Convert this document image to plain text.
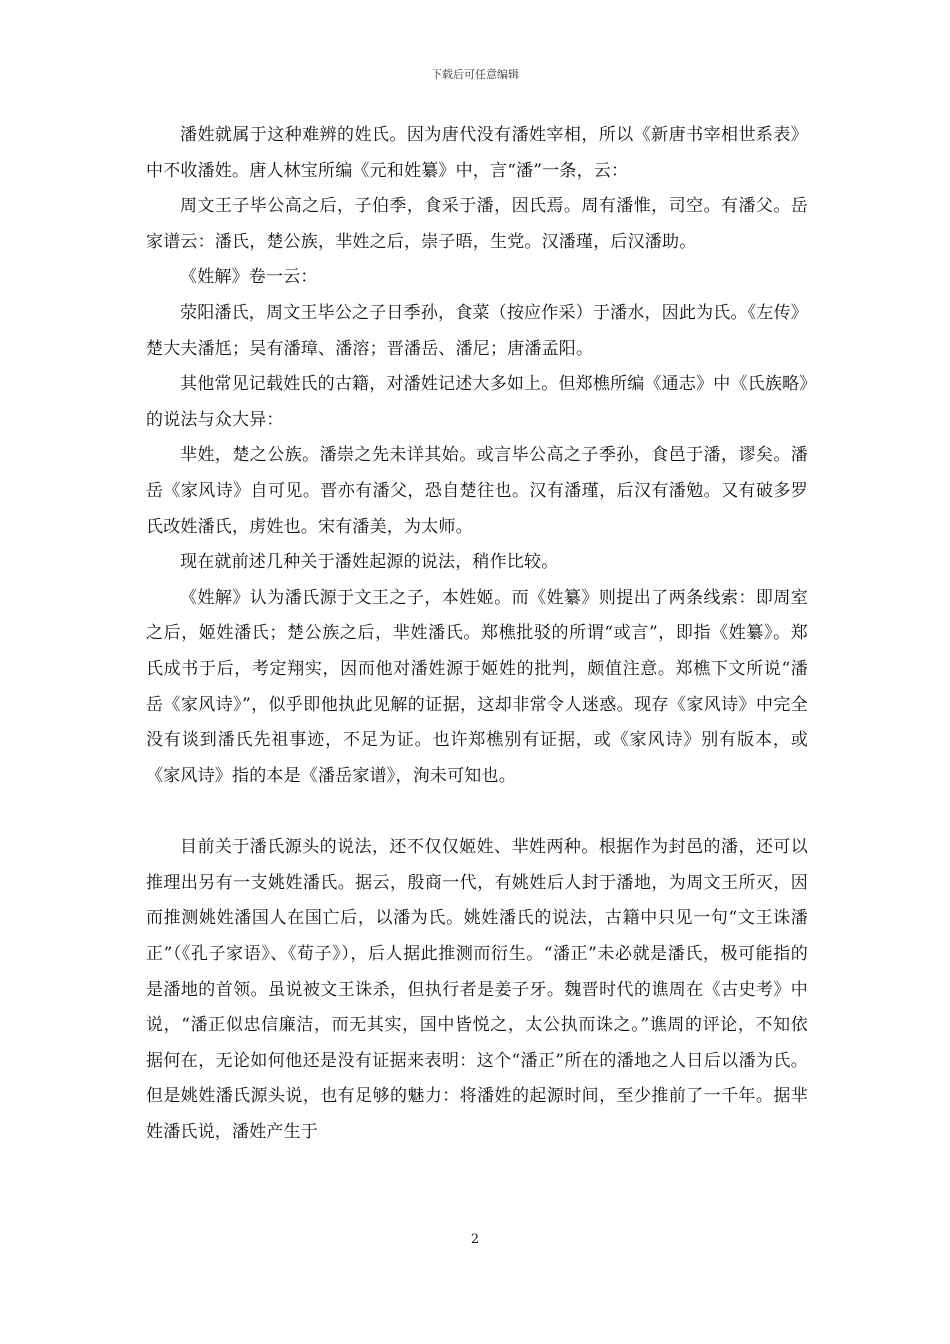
下载后可任意编辑

潘姓就属于这种难辨的姓氏。因为唐代没有潘姓宰相，所以《新唐书宰相世系表》中不收潘姓。唐人林宝所编《元和姓纂》中，言“潘”一条，云：

周文王子毕公高之后，子伯季，食采于潘，因氏焉。周有潘惟，司空。有潘父。岳家谱云：潘氏，楚公族，芈姓之后，崇子晤，生党。汉潘瑾，后汉潘助。

《姓解》卷一云：

荥阳潘氏，周文王毕公之子日季孙，食菜（按应作采）于潘水，因此为氏。《左传》楚大夫潘尪；吴有潘璋、潘溶；晋潘岳、潘尼；唐潘孟阳。

其他常见记载姓氏的古籍，对潘姓记述大多如上。但郑樵所编《通志》中《氏族略》的说法与众大异：

芈姓，楚之公族。潘崇之先未详其始。或言毕公高之子季孙，食邑于潘，谬矣。潘岳《家风诗》自可见。晋亦有潘父，恐自楚往也。汉有潘瑾，后汉有潘勉。又有破多罗氏改姓潘氏，虏姓也。宋有潘美，为太师。

现在就前述几种关于潘姓起源的说法，稍作比较。

《姓解》认为潘氏源于文王之子，本姓姬。而《姓纂》则提出了两条线索：即周室之后，姬姓潘氏；楚公族之后，芈姓潘氏。郑樵批驳的所谓“或言”，即指《姓纂》。郑氏成书于后，考定翔实，因而他对潘姓源于姬姓的批判，颇值注意。郑樵下文所说“潘岳《家风诗》”，似乎即他执此见解的证据，这却非常令人迷惑。现存《家风诗》中完全没有谈到潘氏先祖事迹，不足为证。也许郑樵别有证据，或《家风诗》别有版本，或《家风诗》指的本是《潘岳家谱》，洵未可知也。

目前关于潘氏源头的说法，还不仅仅姬姓、芈姓两种。根据作为封邑的潘，还可以推理出另有一支姚姓潘氏。据云，殷商一代，有姚姓后人封于潘地，为周文王所灭，因而推测姚姓潘国人在国亡后，以潘为氏。姚姓潘氏的说法，古籍中只见一句“文王诛潘正”（《孔子家语》、《荀子》），后人据此推测而衍生。“潘正”未必就是潘氏，极可能指的是潘地的首领。虽说被文王诛杀，但执行者是姜子牙。魏晋时代的谯周在《古史考》中说，“潘正似忠信廉洁，而无其实，国中皆悦之，太公执而诛之。”谯周的评论，不知依据何在，无论如何他还是没有证据来表明：这个“潘正”所在的潘地之人日后以潘为氏。但是姚姓潘氏源头说，也有足够的魅力：将潘姓的起源时间，至少推前了一千年。据芈姓潘氏说，潘姓产生于

2
